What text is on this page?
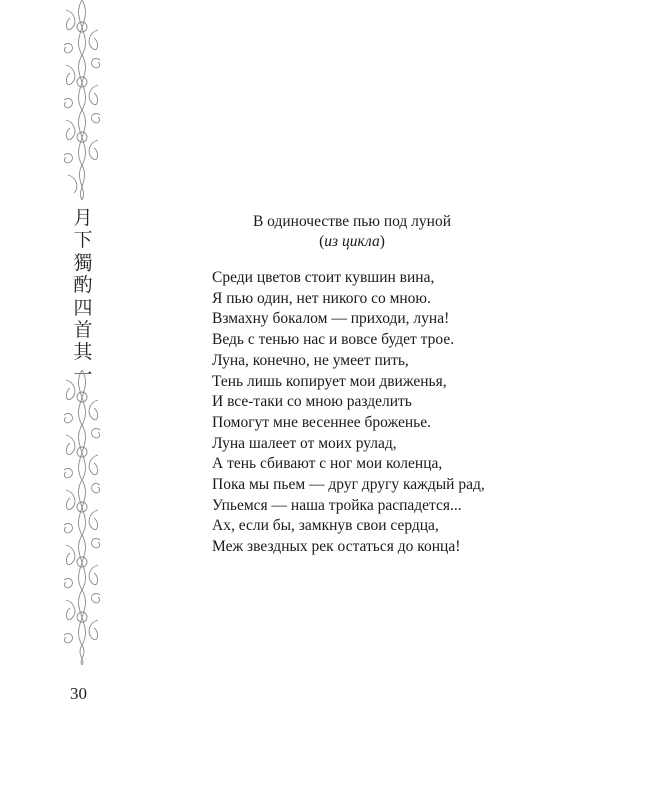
月
下
獨
酌
四
首
其
一
30
В одиночестве пью под луной
(из цикла)
Среди цветов стоит кувшин вина,
Я пью один, нет никого со мною.
Взмахну бокалом — приходи, луна!
Ведь с тенью нас и вовсе будет трое.
Луна, конечно, не умеет пить,
Тень лишь копирует мои движенья,
И все-таки со мною разделить
Помогут мне весеннее броженье.
Луна шалеет от моих рулад,
А тень сбивают с ног мои коленца,
Пока мы пьем — друг другу каждый рад,
Упьемся — наша тройка распадется...
Ах, если бы, замкнув свои сердца,
Меж звездных рек остаться до конца!
